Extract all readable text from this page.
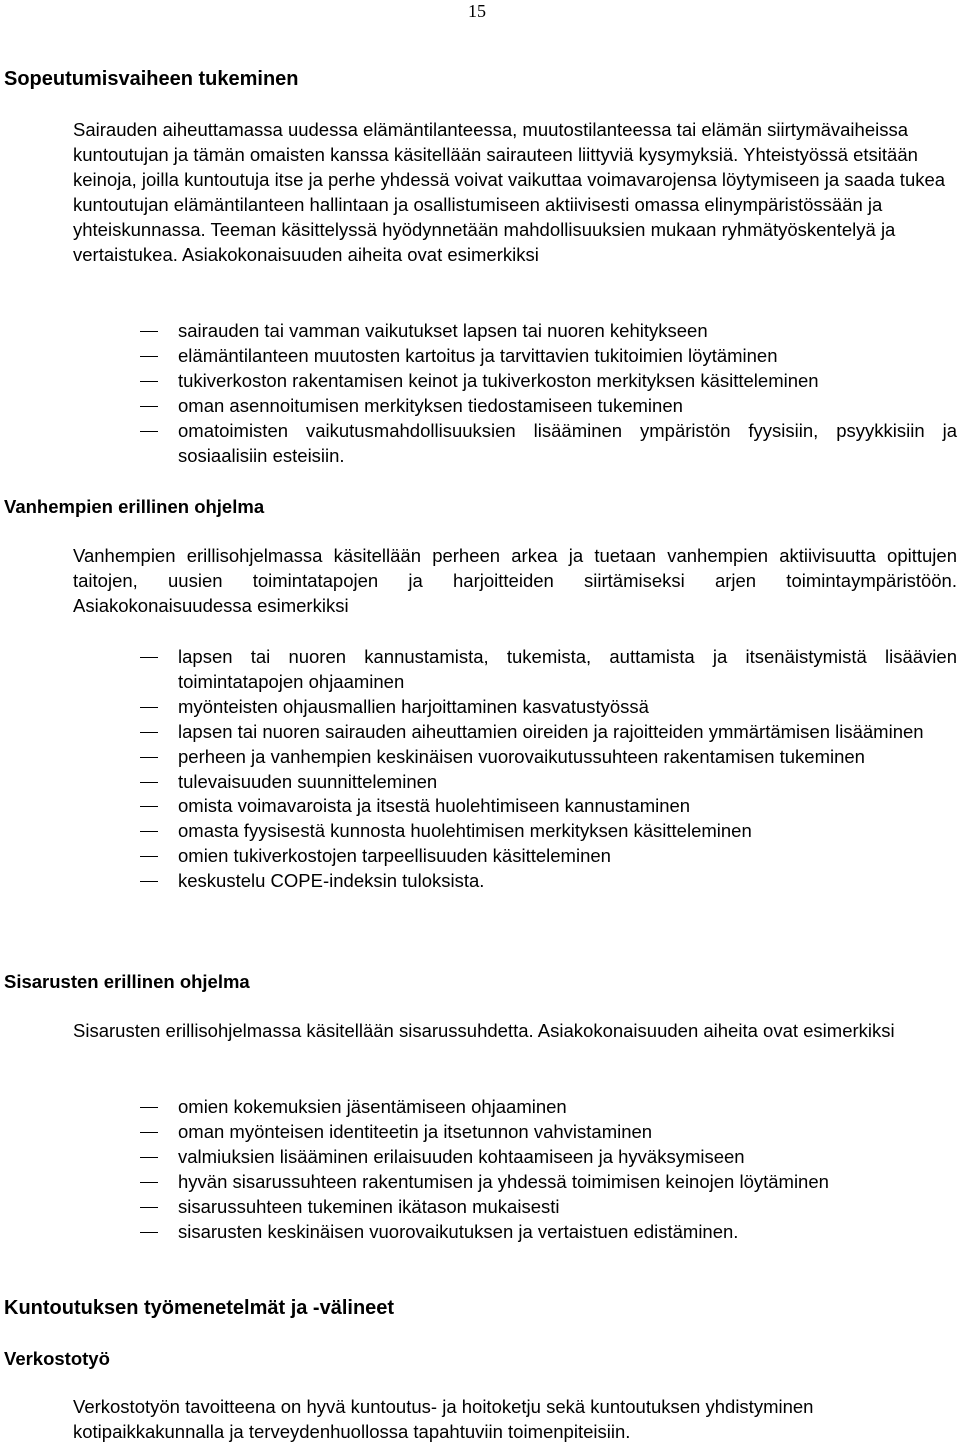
15
Sopeutumisvaiheen tukeminen

Sairauden aiheuttamassa uudessa elämäntilanteessa, muutostilanteessa tai elämän siirtymävaiheissa kuntoutujan ja tämän omaisten kanssa käsitellään sairauteen liittyviä kysymyksiä. Yhteistyössä etsitään keinoja, joilla kuntoutuja itse ja perhe yhdessä voivat vaikuttaa voimavarojensa löytymiseen ja saada tukea kuntoutujan elämäntilanteen hallintaan ja osallistumiseen aktiivisesti omassa elinympäristössään ja yhteiskunnassa. Teeman käsittelyssä hyödynnetään mahdollisuuksien mukaan ryhmätyöskentelyä ja vertaistukea. Asiakokonaisuuden aiheita ovat esimerkiksi

sairauden tai vamman vaikutukset lapsen tai nuoren kehitykseen
elämäntilanteen muutosten kartoitus ja tarvittavien tukitoimien löytäminen
tukiverkoston rakentamisen keinot ja tukiverkoston merkityksen käsitteleminen
oman asennoitumisen merkityksen tiedostamiseen tukeminen
omatoimisten vaikutusmahdollisuuksien lisääminen ympäristön fyysisiin, psyykkisiin ja sosiaalisiin esteisiin.
Vanhempien erillinen ohjelma

Vanhempien erillisohjelmassa käsitellään perheen arkea ja tuetaan vanhempien aktiivisuutta opittujen taitojen, uusien toimintatapojen ja harjoitteiden siirtämiseksi arjen toimintaympäristöön. Asiakokonaisuudessa esimerkiksi

lapsen tai nuoren kannustamista, tukemista, auttamista ja itsenäistymistä lisäävien toimintatapojen ohjaaminen
myönteisten ohjausmallien harjoittaminen kasvatustyössä
lapsen tai nuoren sairauden aiheuttamien oireiden ja rajoitteiden ymmärtämisen lisääminen
perheen ja vanhempien keskinäisen vuorovaikutussuhteen rakentamisen tukeminen
tulevaisuuden suunnitteleminen
omista voimavaroista ja itsestä huolehtimiseen kannustaminen
omasta fyysisestä kunnosta huolehtimisen merkityksen käsitteleminen
omien tukiverkostojen tarpeellisuuden käsitteleminen
keskustelu COPE-indeksin tuloksista.
Sisarusten erillinen ohjelma

Sisarusten erillisohjelmassa käsitellään sisarussuhdetta. Asiakokonaisuuden aiheita ovat esimerkiksi

omien kokemuksien jäsentämiseen ohjaaminen
oman myönteisen identiteetin ja itsetunnon vahvistaminen
valmiuksien lisääminen erilaisuuden kohtaamiseen ja hyväksymiseen
hyvän sisarussuhteen rakentumisen ja yhdessä toimimisen keinojen löytäminen
sisarussuhteen tukeminen ikätason mukaisesti
sisarusten keskinäisen vuorovaikutuksen ja vertaistuen edistäminen.
Kuntoutuksen työmenetelmät ja -välineet
Verkostotyö

Verkostotyön tavoitteena on hyvä kuntoutus- ja hoitoketju sekä kuntoutuksen yhdistyminen kotipaikkakunnalla ja terveydenhuollossa tapahtuviin toimenpiteisiin.
